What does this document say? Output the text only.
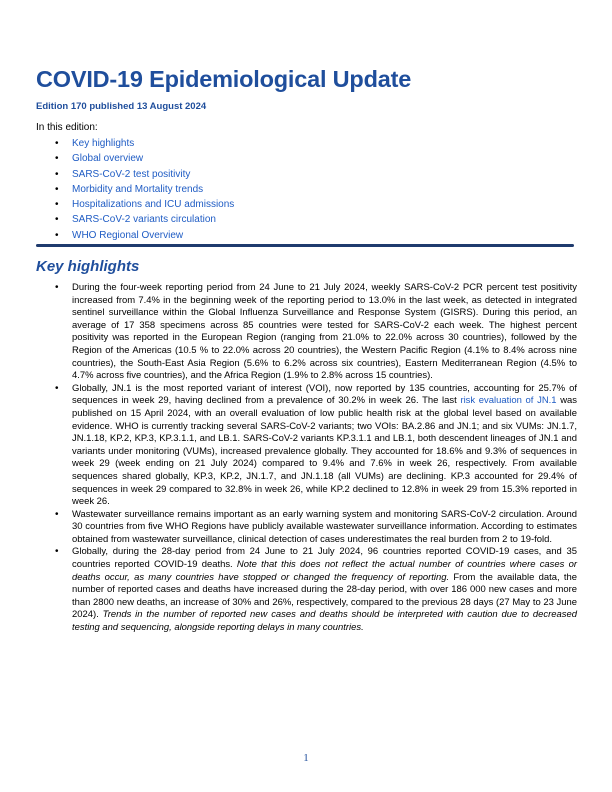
COVID-19 Epidemiological Update
Edition 170 published 13 August 2024
In this edition:
• Key highlights
• Global overview
• SARS-CoV-2 test positivity
• Morbidity and Mortality trends
• Hospitalizations and ICU admissions
• SARS-CoV-2 variants circulation
• WHO Regional Overview
Key highlights
• During the four-week reporting period from 24 June to 21 July 2024, weekly SARS-CoV-2 PCR percent test positivity increased from 7.4% in the beginning week of the reporting period to 13.0% in the last week, as detected in integrated sentinel surveillance within the Global Influenza Surveillance and Response System (GISRS). During this period, an average of 17 358 specimens across 85 countries were tested for SARS-CoV-2 each week. The highest percent positivity was reported in the European Region (ranging from 21.0% to 22.0% across 30 countries), followed by the Region of the Americas (10.5 % to 22.0% across 20 countries), the Western Pacific Region (4.1% to 8.4% across nine countries), the South-East Asia Region (5.6% to 6.2% across six countries), Eastern Mediterranean Region (4.5% to 4.7% across five countries), and the Africa Region (1.9% to 2.8% across 15 countries).
• Globally, JN.1 is the most reported variant of interest (VOI), now reported by 135 countries, accounting for 25.7% of sequences in week 29, having declined from a prevalence of 30.2% in week 26. The last risk evaluation of JN.1 was published on 15 April 2024, with an overall evaluation of low public health risk at the global level based on available evidence. WHO is currently tracking several SARS-CoV-2 variants; two VOIs: BA.2.86 and JN.1; and six VUMs: JN.1.7, JN.1.18, KP.2, KP.3, KP.3.1.1, and LB.1. SARS-CoV-2 variants KP.3.1.1 and LB.1, both descendent lineages of JN.1 and variants under monitoring (VUMs), increased prevalence globally. They accounted for 18.6% and 9.3% of sequences in week 29 (week ending on 21 July 2024) compared to 9.4% and 7.6% in week 26, respectively. From available sequences shared globally, KP.3, KP.2, JN.1.7, and JN.1.18 (all VUMs) are declining. KP.3 accounted for 29.4% of sequences in week 29 compared to 32.8% in week 26, while KP.2 declined to 12.8% in week 29 from 15.3% reported in week 26.
• Wastewater surveillance remains important as an early warning system and monitoring SARS-CoV-2 circulation. Around 30 countries from five WHO Regions have publicly available wastewater surveillance information. According to estimates obtained from wastewater surveillance, clinical detection of cases underestimates the real burden from 2 to 19-fold.
• Globally, during the 28-day period from 24 June to 21 July 2024, 96 countries reported COVID-19 cases, and 35 countries reported COVID-19 deaths. Note that this does not reflect the actual number of countries where cases or deaths occur, as many countries have stopped or changed the frequency of reporting. From the available data, the number of reported cases and deaths have increased during the 28-day period, with over 186 000 new cases and more than 2800 new deaths, an increase of 30% and 26%, respectively, compared to the previous 28 days (27 May to 23 June 2024). Trends in the number of reported new cases and deaths should be interpreted with caution due to decreased testing and sequencing, alongside reporting delays in many countries.
1
